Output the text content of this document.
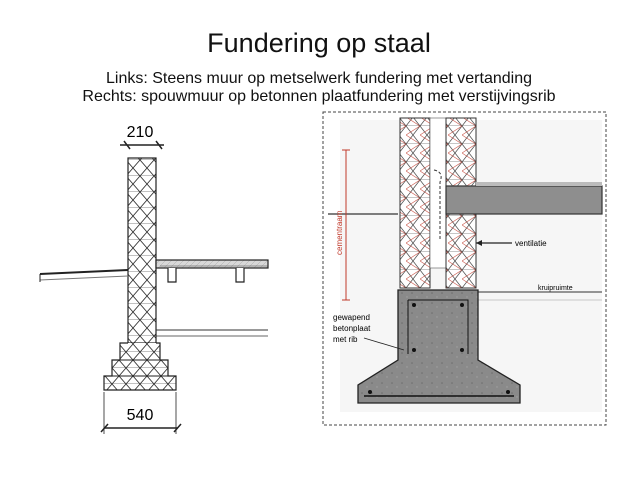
Fundering op staal
Links: Steens muur op metselwerk fundering met vertanding
Rechts: spouwmuur op betonnen plaatfundering met verstijvingsrib
210
540
cementraam	ventilatie
kruipruimte
gewapend
betonplaat
met rib
